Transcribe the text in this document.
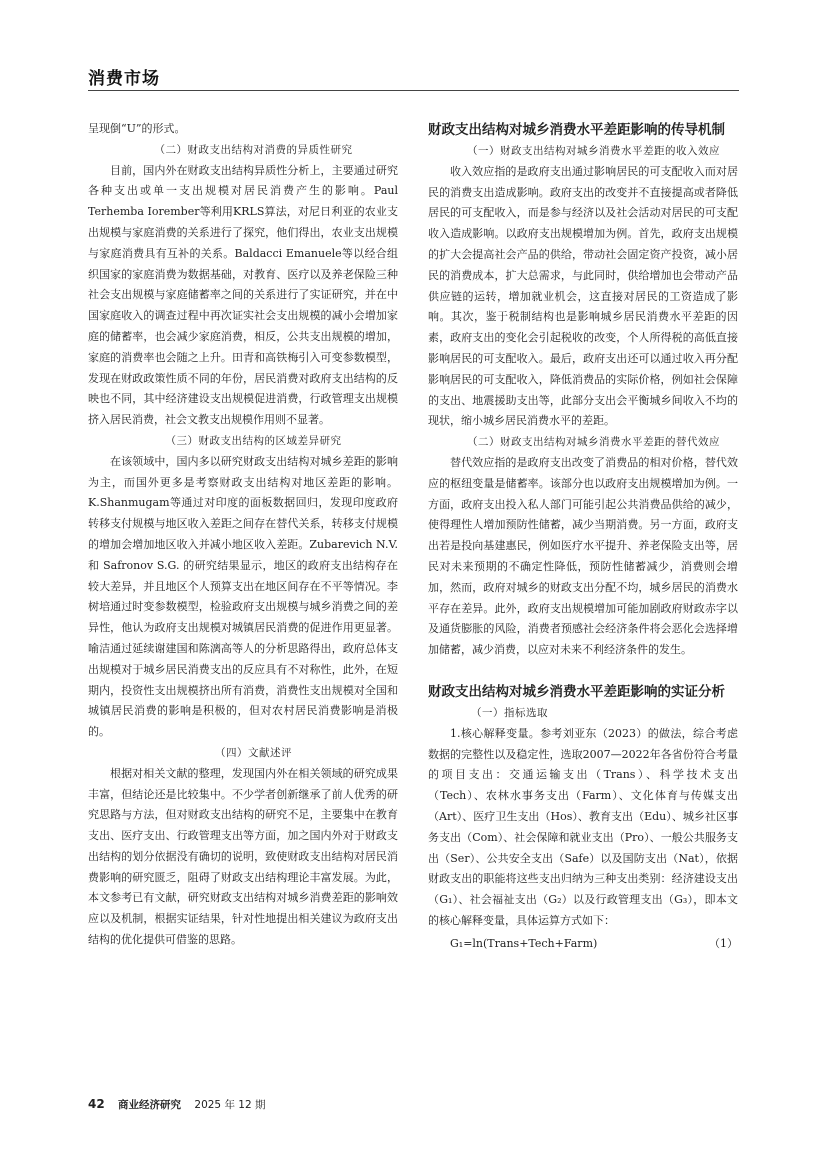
消费市场

呈现倒“U”的形式。

（二）财政支出结构对消费的异质性研究

目前，国内外在财政支出结构异质性分析上，主要通过研究各种支出或单一支出规模对居民消费产生的影响。Paul Terhemba Iorember等利用KRLS算法，对尼日利亚的农业支出规模与家庭消费的关系进行了探究，他们得出，农业支出规模与家庭消费具有互补的关系。Baldacci Emanuele等以经合组织国家的家庭消费为数据基础，对教育、医疗以及养老保险三种社会支出规模与家庭储蓄率之间的关系进行了实证研究，并在中国家庭收入的调查过程中再次证实社会支出规模的减小会增加家庭的储蓄率，也会减少家庭消费，相反，公共支出规模的增加，家庭的消费率也会随之上升。田青和高铁梅引入可变参数模型，发现在财政政策性质不同的年份，居民消费对政府支出结构的反映也不同，其中经济建设支出规模促进消费，行政管理支出规模挤入居民消费，社会文教支出规模作用则不显著。

（三）财政支出结构的区域差异研究

在该领域中，国内多以研究财政支出结构对城乡差距的影响为主，而国外更多是考察财政支出结构对地区差距的影响。K.Shanmugam等通过对印度的面板数据回归，发现印度政府转移支付规模与地区收入差距之间存在替代关系，转移支付规模的增加会增加地区收入并减小地区收入差距。Zubarevich N.V. 和 Safronov S.G. 的研究结果显示，地区的政府支出结构存在较大差异，并且地区个人预算支出在地区间存在不平等情况。李树培通过时变参数模型，检验政府支出规模与城乡消费之间的差异性，他认为政府支出规模对城镇居民消费的促进作用更显著。喻洁通过延续谢建国和陈漓高等人的分析思路得出，政府总体支出规模对于城乡居民消费支出的反应具有不对称性，此外，在短期内，投资性支出规模挤出所有消费，消费性支出规模对全国和城镇居民消费的影响是积极的，但对农村居民消费影响是消极的。

（四）文献述评

根据对相关文献的整理，发现国内外在相关领域的研究成果丰富，但结论还是比较集中。不少学者创新继承了前人优秀的研究思路与方法，但对财政支出结构的研究不足，主要集中在教育支出、医疗支出、行政管理支出等方面，加之国内外对于财政支出结构的划分依据没有确切的说明，致使财政支出结构对居民消费影响的研究匮乏，阻碍了财政支出结构理论丰富发展。为此，本文参考已有文献，研究财政支出结构对城乡消费差距的影响效应以及机制，根据实证结果，针对性地提出相关建议为政府支出结构的优化提供可借鉴的思路。

财政支出结构对城乡消费水平差距影响的传导机制

（一）财政支出结构对城乡消费水平差距的收入效应

收入效应指的是政府支出通过影响居民的可支配收入而对居民的消费支出造成影响。政府支出的改变并不直接提高或者降低居民的可支配收入，而是参与经济以及社会活动对居民的可支配收入造成影响。以政府支出规模增加为例。首先，政府支出规模的扩大会提高社会产品的供给，带动社会固定资产投资，减小居民的消费成本，扩大总需求，与此同时，供给增加也会带动产品供应链的运转，增加就业机会，这直接对居民的工资造成了影响。其次，鉴于税制结构也是影响城乡居民消费水平差距的因素，政府支出的变化会引起税收的改变，个人所得税的高低直接影响居民的可支配收入。最后，政府支出还可以通过收入再分配影响居民的可支配收入，降低消费品的实际价格，例如社会保障的支出、地震援助支出等，此部分支出会平衡城乡间收入不均的现状，缩小城乡居民消费水平的差距。

（二）财政支出结构对城乡消费水平差距的替代效应

替代效应指的是政府支出改变了消费品的相对价格，替代效应的枢纽变量是储蓄率。该部分也以政府支出规模增加为例。一方面，政府支出投入私人部门可能引起公共消费品供给的减少，使得理性人增加预防性储蓄，减少当期消费。另一方面，政府支出若是投向基建惠民，例如医疗水平提升、养老保险支出等，居民对未来预期的不确定性降低，预防性储蓄减少，消费则会增加，然而，政府对城乡的财政支出分配不均，城乡居民的消费水平存在差异。此外，政府支出规模增加可能加剧政府财政赤字以及通货膨胀的风险，消费者预感社会经济条件将会恶化会选择增加储蓄，减少消费，以应对未来不利经济条件的发生。

财政支出结构对城乡消费水平差距影响的实证分析

（一）指标选取

1.核心解释变量。参考刘亚东（2023）的做法，综合考虑数据的完整性以及稳定性，选取2007—2022年各省份符合考量的项目支出：交通运输支出（Trans）、科学技术支出（Tech）、农林水事务支出（Farm）、文化体育与传媒支出（Art）、医疗卫生支出（Hos）、教育支出（Edu）、城乡社区事务支出（Com）、社会保障和就业支出（Pro）、一般公共服务支出（Ser）、公共安全支出（Safe）以及国防支出（Nat），依据财政支出的职能将这些支出归纳为三种支出类别：经济建设支出（G₁）、社会福祉支出（G₂）以及行政管理支出（G₃），即本文的核心解释变量，具体运算方式如下：

G₁=ln(Trans+Tech+Farm)	（1）
42 商业经济研究 2025 年 12 期
